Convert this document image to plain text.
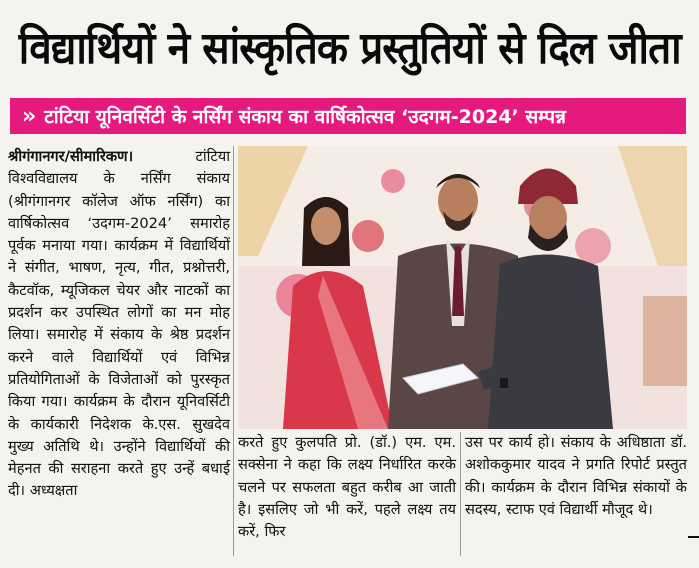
विद्यार्थियों ने सांस्कृतिक प्रस्तुतियों से दिल जीता
» टांटिया यूनिवर्सिटी के नर्सिंग संकाय का वार्षिकोत्सव ‘उदगम-2024’ सम्पन्न
श्रीगंगानगर/सीमारिकण।	टांटिया विश्वविद्यालय के नर्सिंग संकाय (श्रीगंगानगर कॉलेज ऑफ नर्सिंग) का वार्षिकोत्सव ‘उदगम-2024’ समारोह पूर्वक मनाया गया। कार्यक्रम में विद्यार्थियों ने संगीत, भाषण, नृत्य, गीत, प्रश्नोत्तरी, कैटवॉक, म्यूजिकल चेयर और नाटकों का प्रदर्शन कर उपस्थित लोगों का मन मोह लिया। समारोह में संकाय के श्रेष्ठ प्रदर्शन करने वाले विद्यार्थियों एवं विभिन्न प्रतियोगिताओं के विजेताओं को पुरस्कृत किया गया। कार्यक्रम के दौरान यूनिवर्सिटी के कार्यकारी निदेशक के.एस. सुखदेव मुख्य अतिथि थे। उन्होंने विद्यार्थियों की मेहनत की सराहना करते हुए उन्हें बधाई दी। अध्यक्षता
करते हुए कुलपति प्रो. (डॉ.) एम. एम. सक्सेना ने कहा कि लक्ष्य निर्धारित करके चलने पर सफलता बहुत करीब आ जाती है। इसलिए जो भी करें, पहले लक्ष्य तय करें, फिर
उस पर कार्य हो। संकाय के अधिष्ठाता डॉ. अशोककुमार यादव ने प्रगति रिपोर्ट प्रस्तुत की। कार्यक्रम के दौरान विभिन्न संकायों के सदस्य, स्टाफ एवं विद्यार्थी मौजूद थे।
